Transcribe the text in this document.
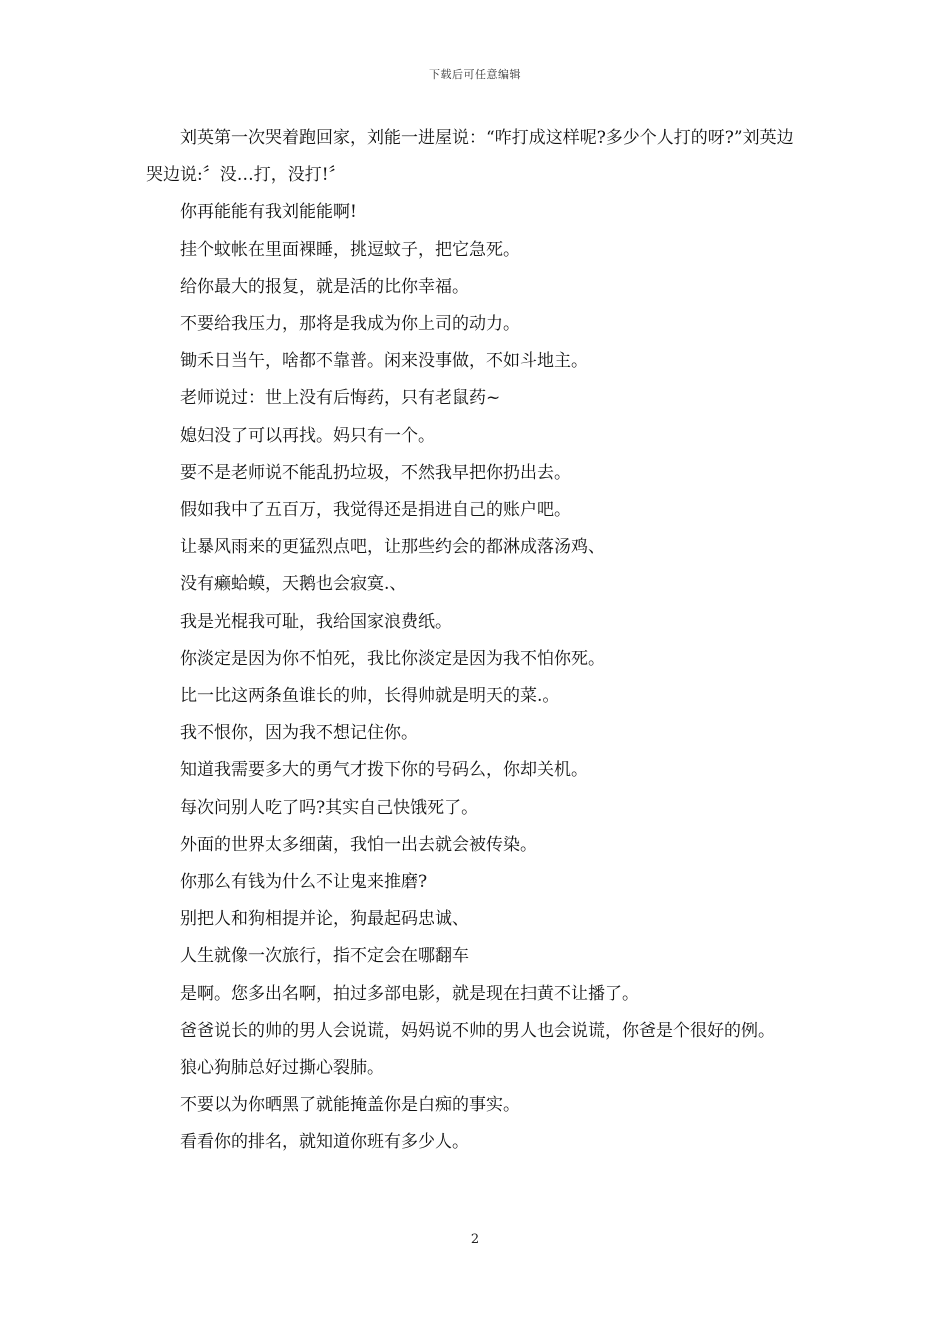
下载后可任意编辑

刘英第一次哭着跑回家，刘能一进屋说：“咋打成这样呢?多少个人打的呀?”刘英边哭边说:〞没…打，没打!〞

你再能能有我刘能能啊!

挂个蚊帐在里面裸睡，挑逗蚊子，把它急死。

给你最大的报复，就是活的比你幸福。

不要给我压力，那将是我成为你上司的动力。

锄禾日当午，啥都不靠普。闲来没事做，不如斗地主。

老师说过：世上没有后悔药，只有老鼠药~

媳妇没了可以再找。妈只有一个。

要不是老师说不能乱扔垃圾，不然我早把你扔出去。

假如我中了五百万，我觉得还是捐进自己的账户吧。

让暴风雨来的更猛烈点吧，让那些约会的都淋成落汤鸡、

没有癞蛤蟆，天鹅也会寂寞.、

我是光棍我可耻，我给国家浪费纸。

你淡定是因为你不怕死，我比你淡定是因为我不怕你死。

比一比这两条鱼谁长的帅，长得帅就是明天的菜.。

我不恨你，因为我不想记住你。

知道我需要多大的勇气才拨下你的号码么，你却关机。

每次问别人吃了吗?其实自己快饿死了。

外面的世界太多细菌，我怕一出去就会被传染。

你那么有钱为什么不让鬼来推磨?

别把人和狗相提并论，狗最起码忠诚、

人生就像一次旅行，指不定会在哪翻车

是啊。您多出名啊，拍过多部电影，就是现在扫黄不让播了。

爸爸说长的帅的男人会说谎，妈妈说不帅的男人也会说谎，你爸是个很好的例。

狼心狗肺总好过撕心裂肺。

不要以为你晒黑了就能掩盖你是白痴的事实。

看看你的排名，就知道你班有多少人。

2
